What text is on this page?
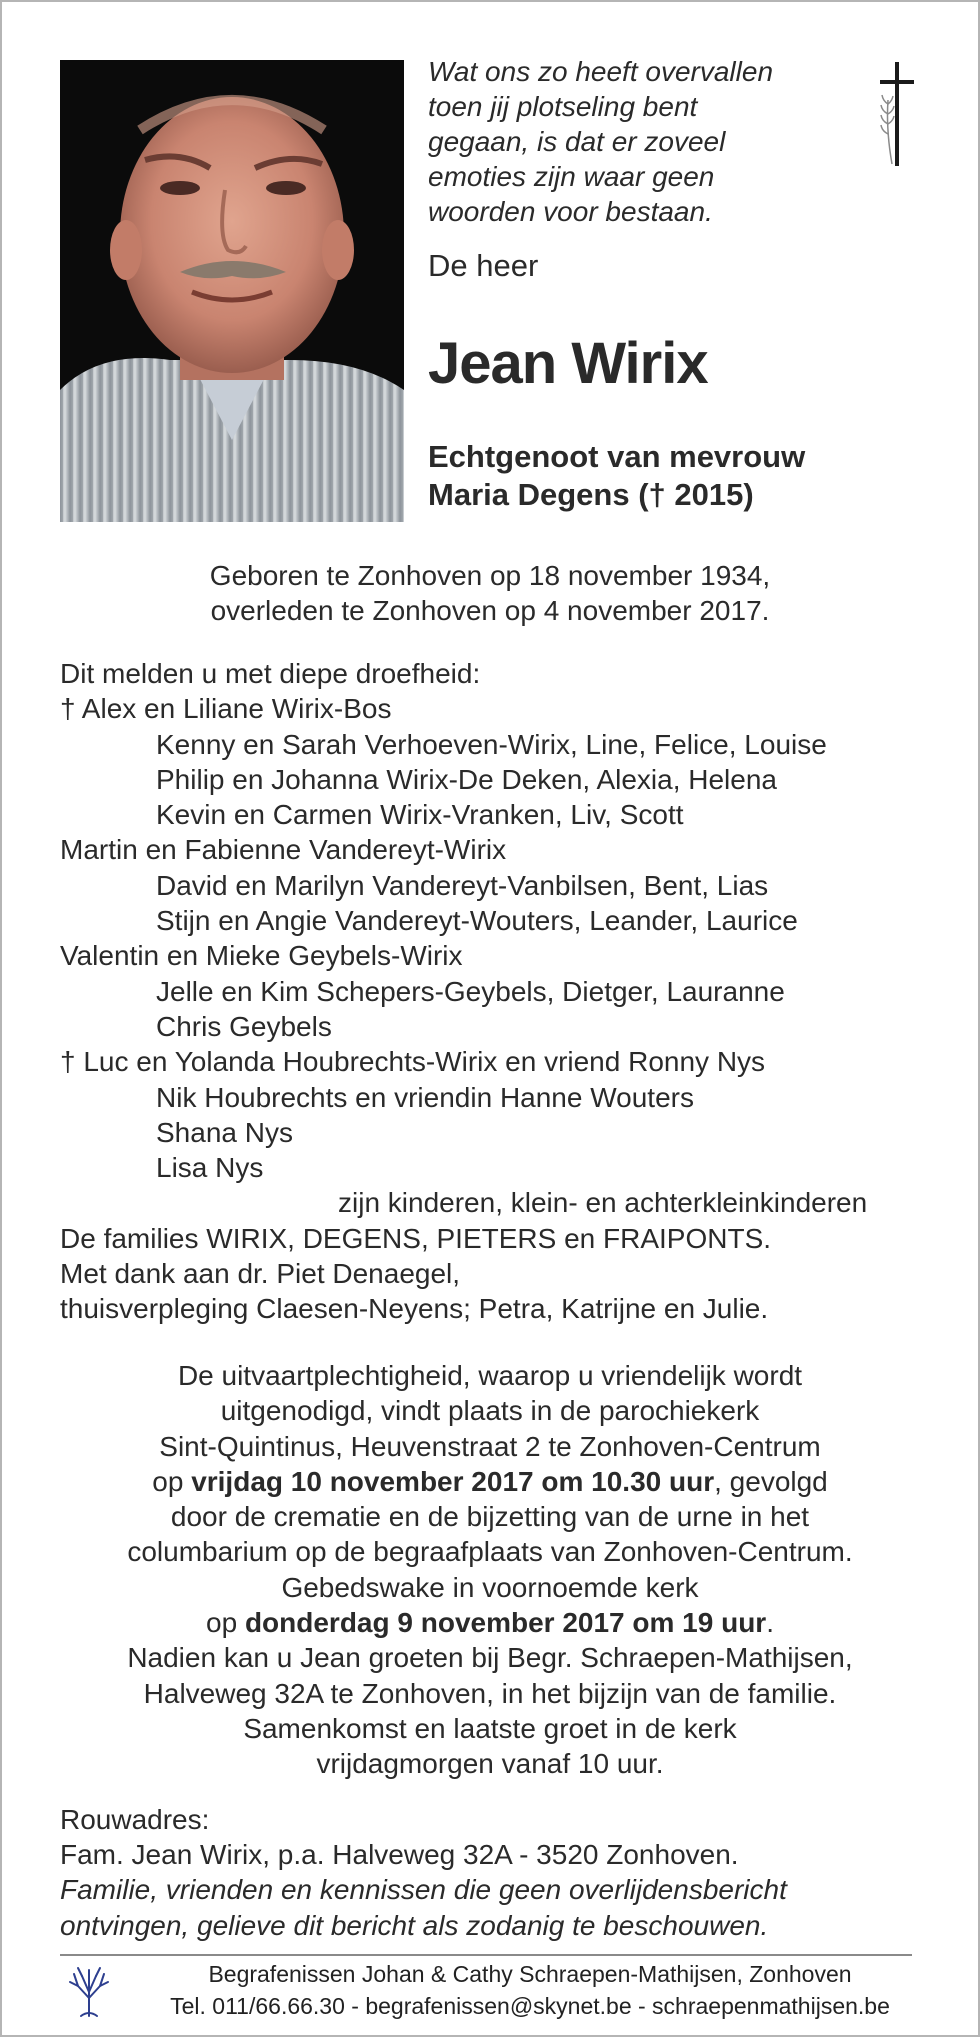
Wat ons zo heeft overvallen
toen jij plotseling bent
gegaan, is dat er zoveel
emoties zijn waar geen
woorden voor bestaan.
De heer
Jean Wirix
Echtgenoot van mevrouw
Maria Degens († 2015)
Geboren te Zonhoven op 18 november 1934,
overleden te Zonhoven op 4 november 2017.
Dit melden u met diepe droefheid:
† Alex en Liliane Wirix-Bos
Kenny en Sarah Verhoeven-Wirix, Line, Felice, Louise
Philip en Johanna Wirix-De Deken, Alexia, Helena
Kevin en Carmen Wirix-Vranken, Liv, Scott
Martin en Fabienne Vandereyt-Wirix
David en Marilyn Vandereyt-Vanbilsen, Bent, Lias
Stijn en Angie Vandereyt-Wouters, Leander, Laurice
Valentin en Mieke Geybels-Wirix
Jelle en Kim Schepers-Geybels, Dietger, Lauranne
Chris Geybels
† Luc en Yolanda Houbrechts-Wirix en vriend Ronny Nys
Nik Houbrechts en vriendin Hanne Wouters
Shana Nys
Lisa Nys
zijn kinderen, klein- en achterkleinkinderen
De families WIRIX, DEGENS, PIETERS en FRAIPONTS.
Met dank aan dr. Piet Denaegel,
thuisverpleging Claesen-Neyens; Petra, Katrijne en Julie.
De uitvaartplechtigheid, waarop u vriendelijk wordt
uitgenodigd, vindt plaats in de parochiekerk
Sint-Quintinus, Heuvenstraat 2 te Zonhoven-Centrum
op vrijdag 10 november 2017 om 10.30 uur, gevolgd
door de crematie en de bijzetting van de urne in het
columbarium op de begraafplaats van Zonhoven-Centrum.
Gebedswake in voornoemde kerk
op donderdag 9 november 2017 om 19 uur.
Nadien kan u Jean groeten bij Begr. Schraepen-Mathijsen,
Halveweg 32A te Zonhoven, in het bijzijn van de familie.
Samenkomst en laatste groet in de kerk
vrijdagmorgen vanaf 10 uur.
Rouwadres:
Fam. Jean Wirix, p.a. Halveweg 32A - 3520 Zonhoven.
Familie, vrienden en kennissen die geen overlijdensbericht
ontvingen, gelieve dit bericht als zodanig te beschouwen.
Begrafenissen Johan & Cathy Schraepen-Mathijsen, Zonhoven
Tel. 011/66.66.30 - begrafenissen@skynet.be - schraepenmathijsen.be
